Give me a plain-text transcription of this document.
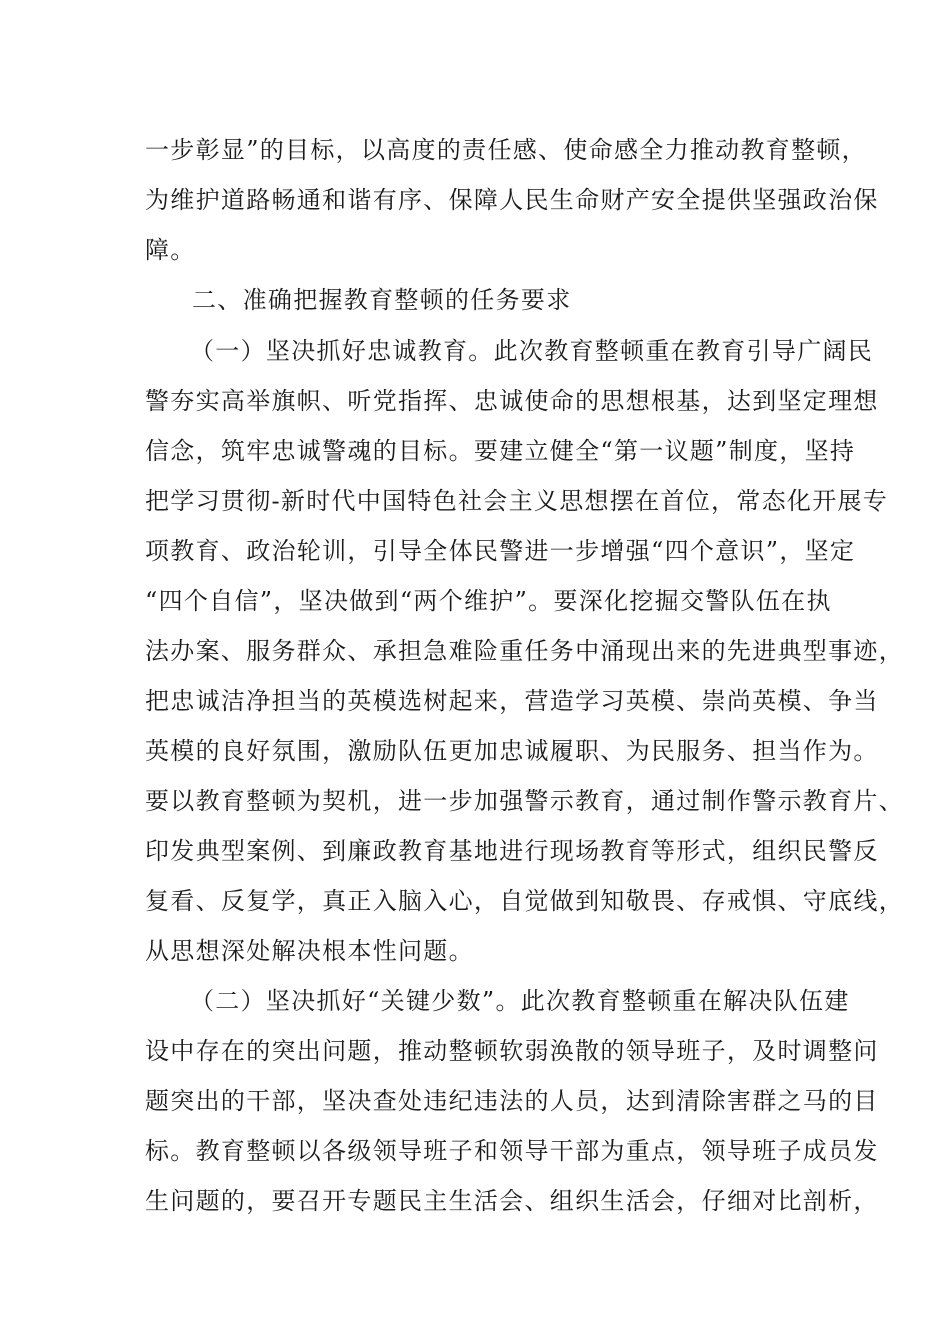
一步彰显”的目标，以高度的责任感、使命感全力推动教育整顿，
为维护道路畅通和谐有序、保障人民生命财产安全提供坚强政治保
障。
二、准确把握教育整顿的任务要求
（一）坚决抓好忠诚教育。此次教育整顿重在教育引导广阔民
警夯实高举旗帜、听党指挥、忠诚使命的思想根基，达到坚定理想
信念，筑牢忠诚警魂的目标。要建立健全“第一议题”制度，坚持
把学习贯彻-新时代中国特色社会主义思想摆在首位，常态化开展专
项教育、政治轮训，引导全体民警进一步增强“四个意识”，坚定
“四个自信”，坚决做到“两个维护”。要深化挖掘交警队伍在执
法办案、服务群众、承担急难险重任务中涌现出来的先进典型事迹，
把忠诚洁净担当的英模选树起来，营造学习英模、崇尚英模、争当
英模的良好氛围，激励队伍更加忠诚履职、为民服务、担当作为。
要以教育整顿为契机，进一步加强警示教育，通过制作警示教育片、
印发典型案例、到廉政教育基地进行现场教育等形式，组织民警反
复看、反复学，真正入脑入心，自觉做到知敬畏、存戒惧、守底线，
从思想深处解决根本性问题。
（二）坚决抓好“关键少数”。此次教育整顿重在解决队伍建
设中存在的突出问题，推动整顿软弱涣散的领导班子，及时调整问
题突出的干部，坚决查处违纪违法的人员，达到清除害群之马的目
标。教育整顿以各级领导班子和领导干部为重点，领导班子成员发
生问题的，要召开专题民主生活会、组织生活会，仔细对比剖析，
